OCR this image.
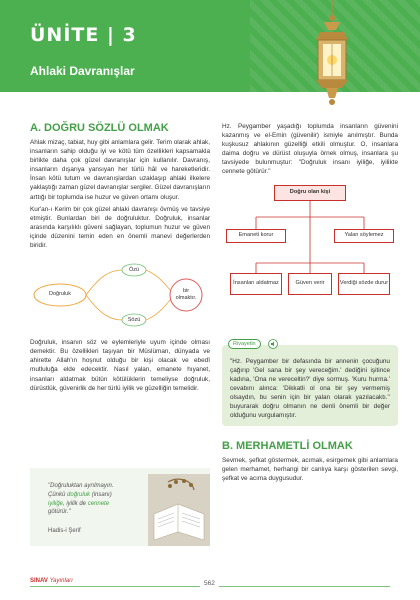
ÜNİTE | 3
Ahlaki Davranışlar
A. DOĞRU SÖZLÜ OLMAK

Ahlak mizaç, tabiat, huy gibi anlamlara gelir. Terim olarak ahlak, insanların sahip olduğu iyi ve kötü tüm özellikleri kapsamakla birlikte daha çok güzel davranışlar için kullanılır. Davranış, insanların dışarıya yansıyan her türlü hâl ve hareketleridir. İnsan kötü tutum ve davranışlardan uzaklaşıp ahlaki ilkelere yaklaştığı zaman güzel davranışlar sergiler. Güzel davranışların arttığı bir toplumda ise huzur ve güven ortamı oluşur.

Kur'an-ı Kerim bir çok güzel ahlaki davranışı övmüş ve tavsiye etmiştir. Bunlardan biri de doğruluktur. Doğruluk, insanlar arasında karşılıklı güveni sağlayan, toplumun huzur ve güven içinde düzenini temin eden en önemli manevi değerlerden biridir.

Doğruluk
Özü
Sözü
bir olmaktır.

Doğruluk, insanın söz ve eylemleriyle uyum içinde olması demektir. Bu özellikleri taşıyan bir Müslüman, dünyada ve ahirette Allah'ın hoşnut olduğu bir kişi olacak ve ebedî mutluluğa elde edecektir. Nasıl yalan, emanete hıyanet, insanları aldatmak bütün kötülüklerin temeliyse doğruluk, dürüstlük, güvenirlik de her türlü iyilik ve güzelliğin temelidir.

"Doğruluktan ayrılmayın.
Çünkü doğruluk (insanı)
iyiliğe, iyilik de cennete
götürür."
Hadis-i Şerif

Hz. Peygamber yaşadığı toplumda insanların güvenini kazanmış ve el-Emin (güvenilir) ismiyle anılmıştır. Bunda kuşkusuz ahlakının güzelliği etkili olmuştur. O, insanlara daima doğru ve dürüst oluşuyla örnek olmuş, insanlara şu tavsiyede bulunmuştur: "Doğruluk insanı iyiliğe, iyilikte cennete götürür."

Doğru olan kişi
Emaneti korur	Yalan söylemez
İnsanları aldatmaz	Güven verir	Verdiği sözde durur
Rivayetin

"Hz. Peygamber bir defasında bir annenin çocuğunu çağırıp 'Gel sana bir şey vereceğim.' dediğini işitince kadına, 'Ona ne vereceltin?' diye sormuş. 'Kuru hurma.' cevabını alınca: 'Dikkatli ol ona bir şey vermemiş olsaydın, bu senin için bir yalan olarak yazılacaktı.'' buyurarak doğru olmanın ne denli önemli bir değer olduğunu vurgulamıştır.

B. MERHAMETLİ OLMAK

Sevmek, şefkat göstermek, acımak, esirgemek gibi anlamlara gelen merhamet, herhangi bir canlıya karşı gösterilen sevgi, şefkat ve acıma duygusudur.

SINAV Yayınları	562
